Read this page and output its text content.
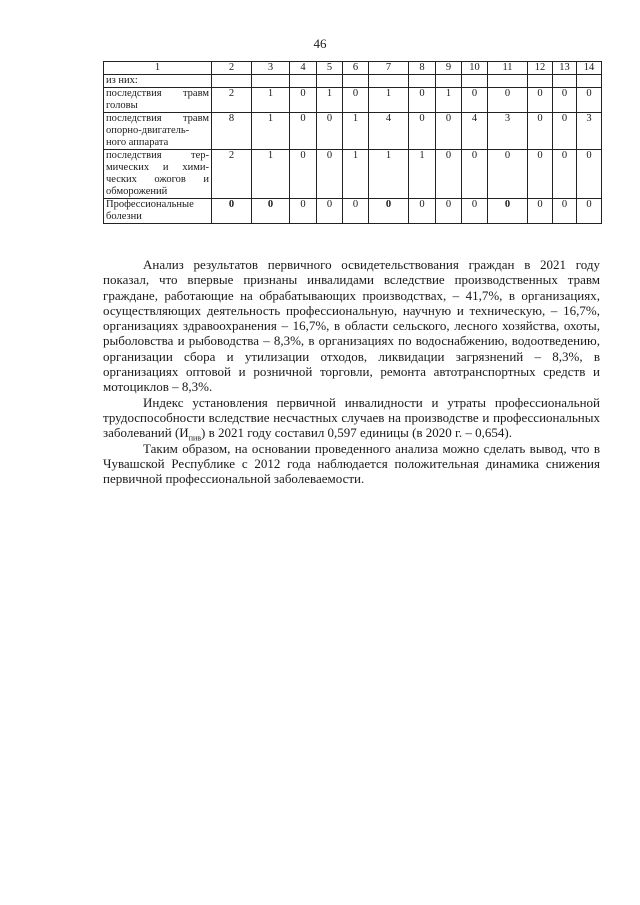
46
1	2	3	4	5	6	7	8	9	10	11	12	13	14
из них:													
последствия травм головы	2	1	0	1	0	1	0	1	0	0	0	0	0
последствия травм опорно-двигатель-ного аппарата	8	1	0	0	1	4	0	0	4	3	0	0	3
последствия тер-мических и хими-ческих ожогов и обморожений	2	1	0	0	1	1	1	0	0	0	0	0	0
Профессиональные болезни	0	0	0	0	0	0	0	0	0	0	0	0	0

Анализ результатов первичного освидетельствования граждан в 2021 году показал, что впервые признаны инвалидами вследствие производственных травм граждане, работающие на обрабатывающих производствах, – 41,7%, в организациях, осуществляющих деятельность профессиональную, научную и техническую, – 16,7%, организациях здравоохранения – 16,7%, в области сельского, лесного хозяйства, охоты, рыболовства и рыбоводства – 8,3%, в организациях по водоснабжению, водоотведению, организации сбора и утилизации отходов, ликвидации загрязнений – 8,3%, в организациях оптовой и розничной торговли, ремонта автотранспортных средств и мотоциклов – 8,3%.

Индекс установления первичной инвалидности и утраты профессиональной трудоспособности вследствие несчастных случаев на производстве и профессиональных заболеваний $(И_{пив})$ в 2021 году составил 0,597 единицы (в 2020 г. – 0,654).

Таким образом, на основании проведенного анализа можно сделать вывод, что в Чувашской Республике с 2012 года наблюдается положительная динамика снижения первичной профессиональной заболеваемости.
